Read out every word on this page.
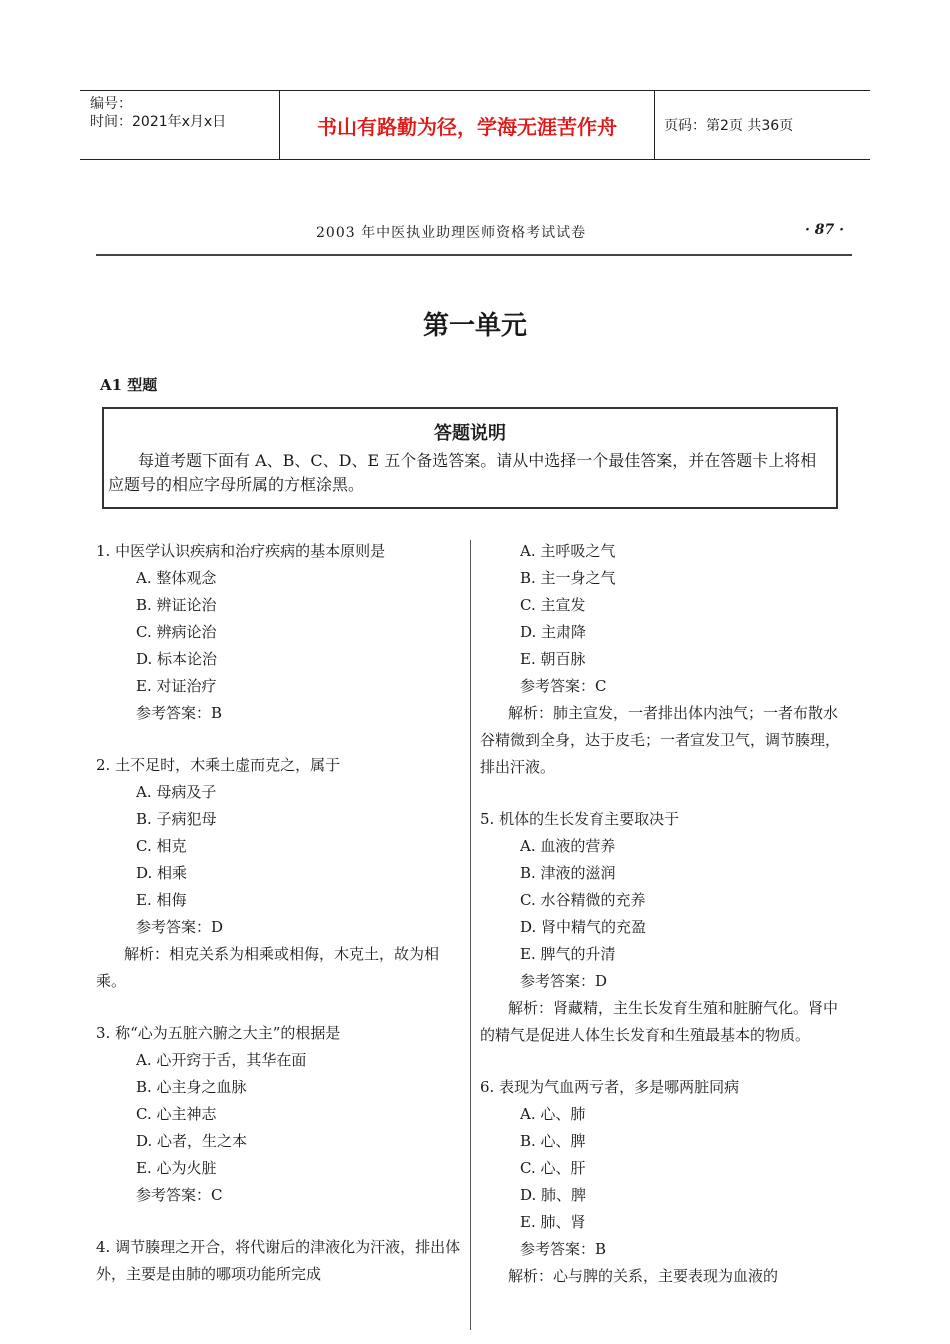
编号：
时间：2021年x月x日	书山有路勤为径，学海无涯苦作舟	页码：第2页 共36页
2003 年中医执业助理医师资格考试试卷	· 87 ·
第一单元
A1 型题
答题说明
每道考题下面有 A、B、C、D、E 五个备选答案。请从中选择一个最佳答案，并在答题卡上将相应题号的相应字母所属的方框涂黑。

1. 中医学认识疾病和治疗疾病的基本原则是

A. 整体观念

B. 辨证论治

C. 辨病论治

D. 标本论治

E. 对证治疗

参考答案：B

2. 土不足时，木乘土虚而克之，属于

A. 母病及子

B. 子病犯母

C. 相克

D. 相乘

E. 相侮

参考答案：D

解析：相克关系为相乘或相侮，木克土，故为相乘。

3. 称“心为五脏六腑之大主”的根据是

A. 心开窍于舌，其华在面

B. 心主身之血脉

C. 心主神志

D. 心者，生之本

E. 心为火脏

参考答案：C

4. 调节腠理之开合，将代谢后的津液化为汗液，排出体外，主要是由肺的哪项功能所完成

A. 主呼吸之气

B. 主一身之气

C. 主宣发

D. 主肃降

E. 朝百脉

参考答案：C

解析：肺主宣发，一者排出体内浊气；一者布散水谷精微到全身，达于皮毛；一者宣发卫气，调节腠理，排出汗液。

5. 机体的生长发育主要取决于

A. 血液的营养

B. 津液的滋润

C. 水谷精微的充养

D. 肾中精气的充盈

E. 脾气的升清

参考答案：D

解析：肾藏精，主生长发育生殖和脏腑气化。肾中的精气是促进人体生长发育和生殖最基本的物质。

6. 表现为气血两亏者，多是哪两脏同病

A. 心、肺

B. 心、脾

C. 心、肝

D. 肺、脾

E. 肺、肾

参考答案：B

解析：心与脾的关系，主要表现为血液的
